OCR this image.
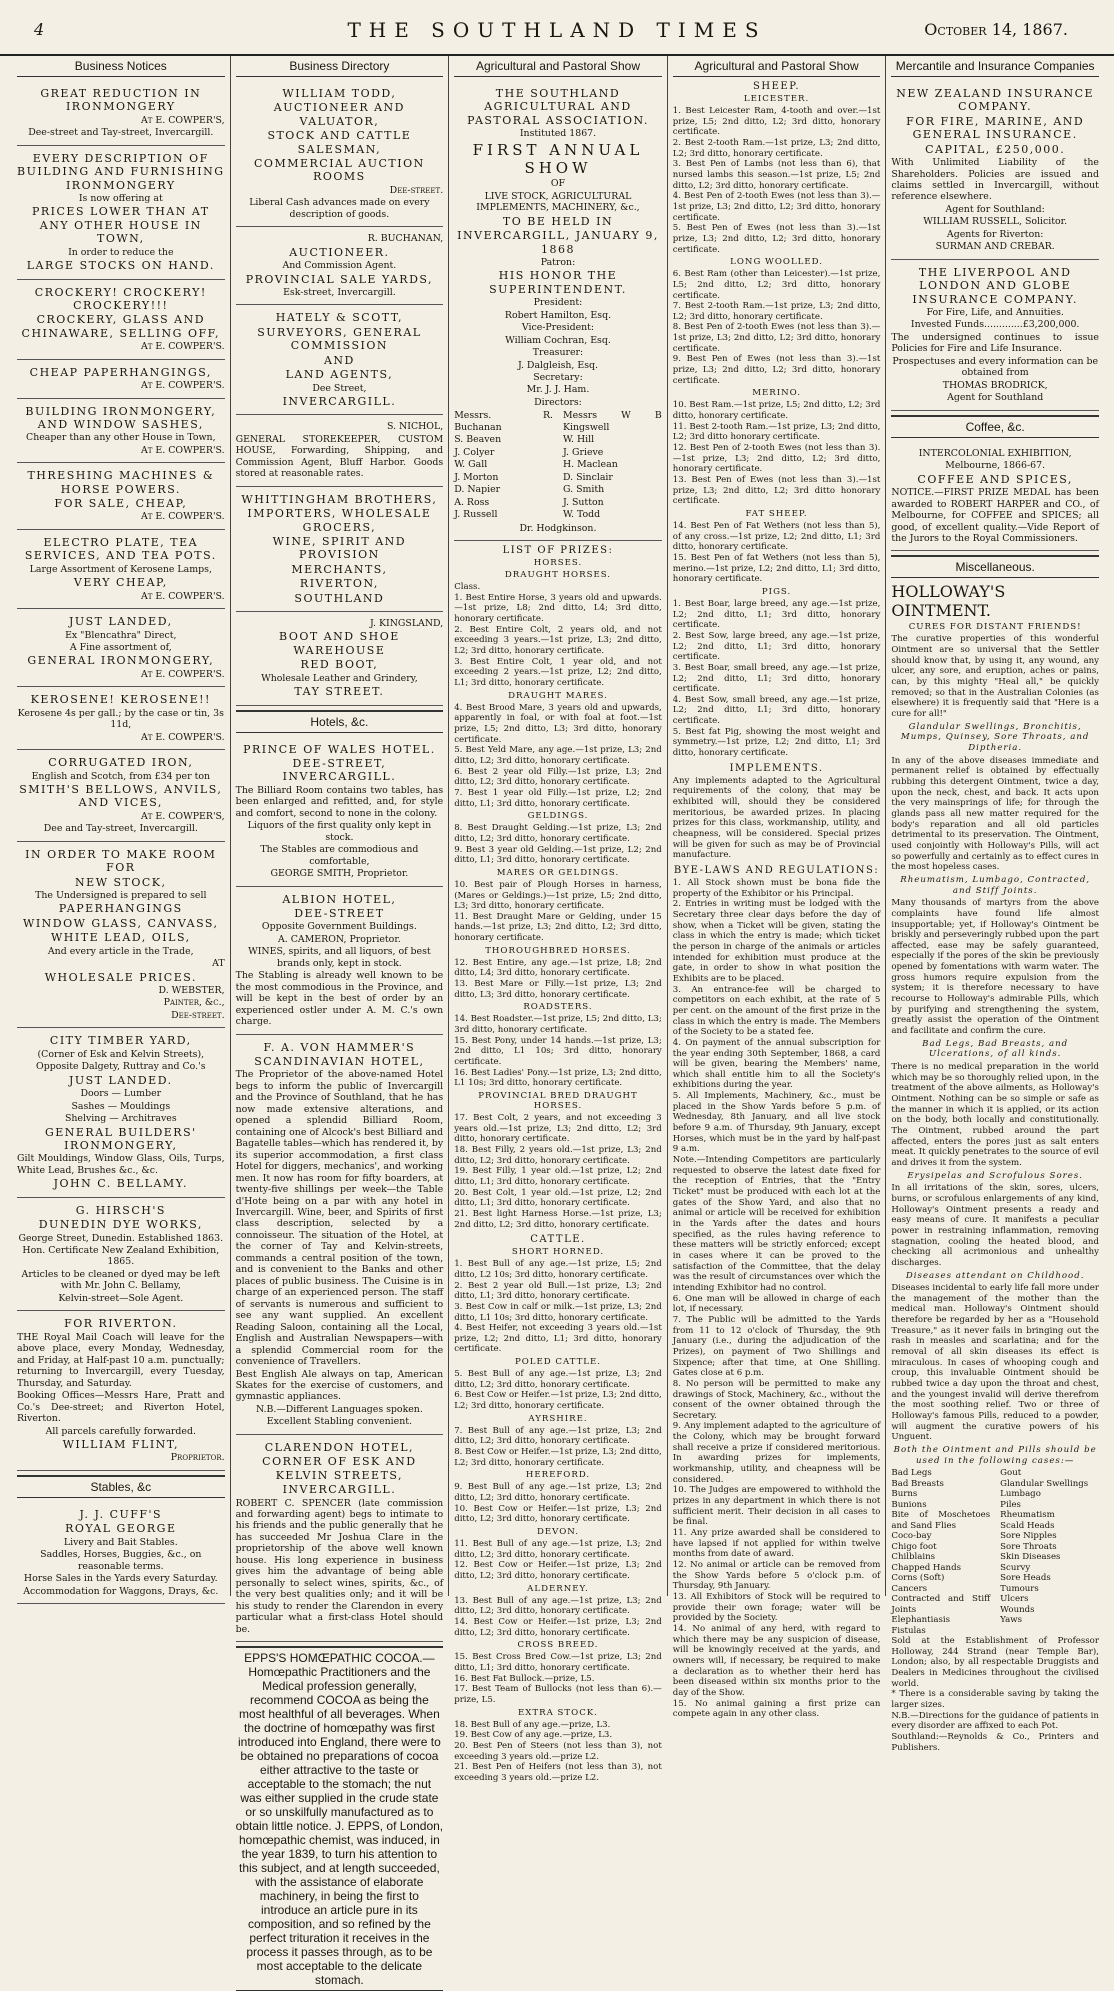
4	THE SOUTHLAND TIMES	October 14, 1867.
Business Notices

GREAT REDUCTION IN IRONMONGERY

At E. COWPER'S,

Dee-street and Tay-street, Invercargill.

EVERY DESCRIPTION OF BUILDING AND FURNISHING IRONMONGERY

Is now offering at

PRICES LOWER THAN AT ANY OTHER HOUSE IN TOWN,

In order to reduce the

LARGE STOCKS ON HAND.

CROCKERY! CROCKERY! CROCKERY!!!

CROCKERY, GLASS AND CHINAWARE, SELLING OFF,

At E. COWPER'S.

CHEAP PAPERHANGINGS,

At E. COWPER'S.

BUILDING IRONMONGERY, AND WINDOW SASHES,

Cheaper than any other House in Town,

At E. COWPER'S.

THRESHING MACHINES & HORSE POWERS.

FOR SALE, CHEAP,

At E. COWPER'S.

ELECTRO PLATE, TEA SERVICES, AND TEA POTS.

Large Assortment of Kerosene Lamps,

VERY CHEAP,

At E. COWPER'S.

JUST LANDED,

Ex "Blencathra" Direct,

A Fine assortment of,

GENERAL IRONMONGERY,

At E. COWPER'S.

KEROSENE! KEROSENE!!

Kerosene 4s per gall.; by the case or tin, 3s 11d,

At E. COWPER'S.

CORRUGATED IRON,

English and Scotch, from £34 per ton

SMITH'S BELLOWS, ANVILS, AND VICES,

At E. COWPER'S,

Dee and Tay-street, Invercargill.

IN ORDER TO MAKE ROOM FOR

NEW STOCK,

The Undersigned is prepared to sell

PAPERHANGINGS

WINDOW GLASS, CANVASS,

WHITE LEAD, OILS,

And every article in the Trade,

AT

WHOLESALE PRICES.

D. WEBSTER,

Painter, &c.,

Dee-street.

CITY TIMBER YARD,

(Corner of Esk and Kelvin Streets),

Opposite Dalgety, Ruttray and Co.'s

JUST LANDED.

Doors — Lumber

Sashes — Mouldings

Shelving — Architraves

GENERAL BUILDERS' IRONMONGERY,

Gilt Mouldings, Window Glass, Oils, Turps, White Lead, Brushes &c., &c.

JOHN C. BELLAMY.

G. HIRSCH'S

DUNEDIN DYE WORKS,

George Street, Dunedin. Established 1863.

Hon. Certificate New Zealand Exhibition, 1865.

Articles to be cleaned or dyed may be left with Mr. John C. Bellamy,

Kelvin-street—Sole Agent.

FOR RIVERTON.

THE Royal Mail Coach will leave for the above place, every Monday, Wednesday, and Friday, at Half-past 10 a.m. punctually; returning to Invercargill, every Tuesday, Thursday, and Saturday.

Booking Offices—Messrs Hare, Pratt and Co.'s Dee-street; and Riverton Hotel, Riverton.

All parcels carefully forwarded.

WILLIAM FLINT,

Proprietor.

Stables, &c

J. J. CUFF'S

ROYAL GEORGE

Livery and Bait Stables.

Saddles, Horses, Buggies, &c., on reasonable terms.

Horse Sales in the Yards every Saturday.

Accommodation for Waggons, Drays, &c.

Business Directory

WILLIAM TODD,

AUCTIONEER AND VALUATOR,

STOCK AND CATTLE SALESMAN,

COMMERCIAL AUCTION ROOMS

Dee-street.

Liberal Cash advances made on every description of goods.

R. BUCHANAN,

AUCTIONEER.

And Commission Agent.

PROVINCIAL SALE YARDS,

Esk-street, Invercargill.

HATELY & SCOTT,

SURVEYORS, GENERAL COMMISSION

AND

LAND AGENTS,

Dee Street,

INVERCARGILL.

S. NICHOL,

GENERAL STOREKEEPER, CUSTOM HOUSE, Forwarding, Shipping, and Commission Agent, Bluff Harbor. Goods stored at reasonable rates.

WHITTINGHAM BROTHERS,

IMPORTERS, WHOLESALE GROCERS,

WINE, SPIRIT AND PROVISION

MERCHANTS,

RIVERTON,

SOUTHLAND

J. KINGSLAND,

BOOT AND SHOE WAREHOUSE

RED BOOT,

Wholesale Leather and Grindery,

TAY STREET.

Hotels, &c.

PRINCE OF WALES HOTEL.

DEE-STREET, INVERCARGILL.

The Billiard Room contains two tables, has been enlarged and refitted, and, for style and comfort, second to none in the colony.

Liquors of the first quality only kept in stock.

The Stables are commodious and comfortable,

GEORGE SMITH, Proprietor.

ALBION HOTEL,

DEE-STREET

Opposite Government Buildings.

A. CAMERON, Proprietor.

WINES, spirits, and all liquors, of best brands only, kept in stock.

The Stabling is already well known to be the most commodious in the Province, and will be kept in the best of order by an experienced ostler under A. M. C.'s own charge.

F. A. VON HAMMER'S

SCANDINAVIAN HOTEL,

The Proprietor of the above-named Hotel begs to inform the public of Invercargill and the Province of Southland, that he has now made extensive alterations, and opened a splendid Billiard Room, containing one of Alcock's best Billiard and Bagatelle tables—which has rendered it, by its superior accommodation, a first class Hotel for diggers, mechanics', and working men. It now has room for fifty boarders, at twenty-five shillings per week—the Table d'Hote being on a par with any hotel in Invercargill. Wine, beer, and Spirits of first class description, selected by a connoisseur. The situation of the Hotel, at the corner of Tay and Kelvin-streets, commands a central position of the town, and is convenient to the Banks and other places of public business. The Cuisine is in charge of an experienced person. The staff of servants is numerous and sufficient to see any want supplied. An excellent Reading Saloon, containing all the Local, English and Australian Newspapers—with a splendid Commercial room for the convenience of Travellers.

Best English Ale always on tap, American Skates for the exercise of customers, and gymnastic appliances.

N.B.—Different Languages spoken.

Excellent Stabling convenient.

CLARENDON HOTEL,

CORNER OF ESK AND KELVIN STREETS,

INVERCARGILL.

ROBERT C. SPENCER (late commission and forwarding agent) begs to intimate to his friends and the public generally that he has succeeded Mr Joshua Clare in the proprietorship of the above well known house. His long experience in business gives him the advantage of being able personally to select wines, spirits, &c., of the very best qualities only; and it will be his study to render the Clarendon in every particular what a first-class Hotel should be.

EPPS'S HOMŒPATHIC COCOA.—Homœpathic Practitioners and the Medical profession generally, recommend COCOA as being the most healthful of all beverages. When the doctrine of homœpathy was first introduced into England, there were to be obtained no preparations of cocoa either attractive to the taste or acceptable to the stomach; the nut was either supplied in the crude state or so unskilfully manufactured as to obtain little notice. J. EPPS, of London, homœpathic chemist, was induced, in the year 1839, to turn his attention to this subject, and at length succeeded, with the assistance of elaborate machinery, in being the first to introduce an article pure in its composition, and so refined by the perfect trituration it receives in the process it passes through, as to be most acceptable to the delicate stomach.
Agricultural and Pastoral Show

THE SOUTHLAND AGRICULTURAL AND PASTORAL ASSOCIATION.

Instituted 1867.

FIRST ANNUAL SHOW

OF

LIVE STOCK, AGRICULTURAL IMPLEMENTS, MACHINERY, &c.,

TO BE HELD IN

INVERCARGILL, JANUARY 9, 1868

Patron:

HIS HONOR THE SUPERINTENDENT.

President:

Robert Hamilton, Esq.

Vice-President:

William Cochran, Esq.

Treasurer:

J. Dalgleish, Esq.

Secretary:

Mr. J. J. Ham.

Directors:

Messrs. R. Buchanan

S. Beaven

J. Colyer

W. Gall

J. Morton

D. Napier

A. Ross

J. Russell

Messrs W B Kingswell

W. Hill

J. Grieve

H. Maclean

D. Sinclair

G. Smith

J. Sutton

W. Todd

Dr. Hodgkinson.

LIST OF PRIZES:
HORSES.
DRAUGHT HORSES.

Class.

1. Best Entire Horse, 3 years old and upwards.—1st prize, L8; 2nd ditto, L4; 3rd ditto, honorary certificate.

2. Best Entire Colt, 2 years old, and not exceeding 3 years.—1st prize, L3; 2nd ditto, L2; 3rd ditto, honorary certificate.

3. Best Entire Colt, 1 year old, and not exceeding 2 years.—1st prize, L2; 2nd ditto, L1; 3rd ditto, honorary certificate.

DRAUGHT MARES.

4. Best Brood Mare, 3 years old and upwards, apparently in foal, or with foal at foot.—1st prize, L5; 2nd ditto, L3; 3rd ditto, honorary certificate.

5. Best Yeld Mare, any age.—1st prize, L3; 2nd ditto, L2; 3rd ditto, honorary certificate.

6. Best 2 year old Filly.—1st prize, L3; 2nd ditto, L2; 3rd ditto, honorary certificate.

7. Best 1 year old Filly.—1st prize, L2; 2nd ditto, L1; 3rd ditto, honorary certificate.

GELDINGS.

8. Best Draught Gelding.—1st prize, L3; 2nd ditto, L2; 3rd ditto, honorary certificate.

9. Best 3 year old Gelding.—1st prize, L2; 2nd ditto, L1; 3rd ditto, honorary certificate.

MARES OR GELDINGS.

10. Best pair of Plough Horses in harness, (Mares or Geldings.)—1st prize, L5; 2nd ditto, L3; 3rd ditto, honorary certificate.

11. Best Draught Mare or Gelding, under 15 hands.—1st prize, L3; 2nd ditto, L2; 3rd ditto, honorary certificate.

THOROUGHBRED HORSES.

12. Best Entire, any age.—1st prize, L8; 2nd ditto, L4; 3rd ditto, honorary certificate.

13. Best Mare or Filly.—1st prize, L3; 2nd ditto, L3; 3rd ditto, honorary certificate.

ROADSTERS.

14. Best Roadster.—1st prize, L5; 2nd ditto, L3; 3rd ditto, honorary certificate.

15. Best Pony, under 14 hands.—1st prize, L3; 2nd ditto, L1 10s; 3rd ditto, honorary certificate.

16. Best Ladies' Pony.—1st prize, L3; 2nd ditto, L1 10s; 3rd ditto, honorary certificate.

PROVINCIAL BRED DRAUGHT HORSES.

17. Best Colt, 2 years, and not exceeding 3 years old.—1st prize, L3; 2nd ditto, L2; 3rd ditto, honorary certificate.

18. Best Filly, 2 years old.—1st prize, L3; 2nd ditto, L2; 3rd ditto, honorary certificate.

19. Best Filly, 1 year old.—1st prize, L2; 2nd ditto, L1; 3rd ditto, honorary certificate.

20. Best Colt, 1 year old.—1st prize, L2; 2nd ditto, L1; 3rd ditto, honorary certificate.

21. Best light Harness Horse.—1st prize, L3; 2nd ditto, L2; 3rd ditto, honorary certificate.

CATTLE.
SHORT HORNED.

1. Best Bull of any age.—1st prize, L5; 2nd ditto, L2 10s; 3rd ditto, honorary certificate.

2. Best 2 year old Bull.—1st prize, L3; 2nd ditto, L1; 3rd ditto, honorary certificate.

3. Best Cow in calf or milk.—1st prize, L3; 2nd ditto, L1 10s; 3rd ditto, honorary certificate.

4. Best Heifer, not exceeding 3 years old.—1st prize, L2; 2nd ditto, L1; 3rd ditto, honorary certificate.

POLED CATTLE.

5. Best Bull of any age.—1st prize, L3; 2nd ditto, L2; 3rd ditto, honorary certificate.

6. Best Cow or Heifer.—1st prize, L3; 2nd ditto, L2; 3rd ditto, honorary certificate.

AYRSHIRE.

7. Best Bull of any age.—1st prize, L3; 2nd ditto, L2; 3rd ditto, honorary certificate.

8. Best Cow or Heifer.—1st prize, L3; 2nd ditto, L2; 3rd ditto, honorary certificate.

HEREFORD.

9. Best Bull of any age.—1st prize, L3; 2nd ditto, L2; 3rd ditto, honorary certificate.

10. Best Cow or Heifer.—1st prize, L3; 2nd ditto, L2; 3rd ditto, honorary certificate.

DEVON.

11. Best Bull of any age.—1st prize, L3; 2nd ditto, L2; 3rd ditto, honorary certificate.

12. Best Cow or Heifer.—1st prize, L3; 2nd ditto, L2; 3rd ditto, honorary certificate.

ALDERNEY.

13. Best Bull of any age.—1st prize, L3; 2nd ditto, L2; 3rd ditto, honorary certificate.

14. Best Cow or Heifer.—1st prize, L3; 2nd ditto, L2; 3rd ditto, honorary certificate.

CROSS BREED.

15. Best Cross Bred Cow.—1st prize, L3; 2nd ditto, L1; 3rd ditto, honorary certificate.

16. Best Fat Bullock.—prize, L5.

17. Best Team of Bullocks (not less than 6).—prize, L5.

EXTRA STOCK.

18. Best Bull of any age.—prize, L3.

19. Best Cow of any age.—prize, L3.

20. Best Pen of Steers (not less than 3), not exceeding 3 years old.—prize L2.

21. Best Pen of Heifers (not less than 3), not exceeding 3 years old.—prize L2.

Agricultural and Pastoral Show
SHEEP.
LEICESTER.

1. Best Leicester Ram, 4-tooth and over.—1st prize, L5; 2nd ditto, L2; 3rd ditto, honorary certificate.

2. Best 2-tooth Ram.—1st prize, L3; 2nd ditto, L2; 3rd ditto, honorary certificate.

3. Best Pen of Lambs (not less than 6), that nursed lambs this season.—1st prize, L5; 2nd ditto, L2; 3rd ditto, honorary certificate.

4. Best Pen of 2-tooth Ewes (not less than 3).—1st prize, L3; 2nd ditto, L2; 3rd ditto, honorary certificate.

5. Best Pen of Ewes (not less than 3).—1st prize, L3; 2nd ditto, L2; 3rd ditto, honorary certificate.

LONG WOOLLED.

6. Best Ram (other than Leicester).—1st prize, L5; 2nd ditto, L2; 3rd ditto, honorary certificate.

7. Best 2-tooth Ram.—1st prize, L3; 2nd ditto, L2; 3rd ditto, honorary certificate.

8. Best Pen of 2-tooth Ewes (not less than 3).—1st prize, L3; 2nd ditto, L2; 3rd ditto, honorary certificate.

9. Best Pen of Ewes (not less than 3).—1st prize, L3; 2nd ditto, L2; 3rd ditto, honorary certificate.

MERINO.

10. Best Ram.—1st prize, L5; 2nd ditto, L2; 3rd ditto, honorary certificate.

11. Best 2-tooth Ram.—1st prize, L3; 2nd ditto, L2; 3rd ditto honorary certificate.

12. Best Pen of 2-tooth Ewes (not less than 3).—1st prize, L3; 2nd ditto, L2; 3rd ditto, honorary certificate.

13. Best Pen of Ewes (not less than 3).—1st prize, L3; 2nd ditto, L2; 3rd ditto honorary certificate.

FAT SHEEP.

14. Best Pen of Fat Wethers (not less than 5), of any cross.—1st prize, L2; 2nd ditto, L1; 3rd ditto, honorary certificate.

15. Best Pen of fat Wethers (not less than 5), merino.—1st prize, L2; 2nd ditto, L1; 3rd ditto, honorary certificate.

PIGS.

1. Best Boar, large breed, any age.—1st prize, L2; 2nd ditto, L1; 3rd ditto, honorary certificate.

2. Best Sow, large breed, any age.—1st prize, L2; 2nd ditto, L1; 3rd ditto, honorary certificate.

3. Best Boar, small breed, any age.—1st prize, L2; 2nd ditto, L1; 3rd ditto, honorary certificate.

4. Best Sow, small breed, any age.—1st prize, L2; 2nd ditto, L1; 3rd ditto, honorary certificate.

5. Best fat Pig, showing the most weight and symmetry.—1st prize, L2; 2nd ditto, L1; 3rd ditto, honorary certificate.

IMPLEMENTS.

Any implements adapted to the Agricultural requirements of the colony, that may be exhibited will, should they be considered meritorious, be awarded prizes. In placing prizes for this class, workmanship, utility, and cheapness, will be considered. Special prizes will be given for such as may be of Provincial manufacture.

BYE-LAWS AND REGULATIONS:

1. All Stock shown must be bona fide the property of the Exhibitor or his Principal.

2. Entries in writing must be lodged with the Secretary three clear days before the day of show, when a Ticket will be given, stating the class in which the entry is made; which ticket the person in charge of the animals or articles intended for exhibition must produce at the gate, in order to show in what position the Exhibits are to be placed.

3. An entrance-fee will be charged to competitors on each exhibit, at the rate of 5 per cent. on the amount of the first prize in the class in which the entry is made. The Members of the Society to be a stated fee.

4. On payment of the annual subscription for the year ending 30th September, 1868, a card will be given, bearing the Members' name, which shall entitle him to all the Society's exhibitions during the year.

5. All Implements, Machinery, &c., must be placed in the Show Yards before 5 p.m. of Wednesday, 8th January, and all live stock before 9 a.m. of Thursday, 9th January, except Horses, which must be in the yard by half-past 9 a.m.

Note.—Intending Competitors are particularly requested to observe the latest date fixed for the reception of Entries, that the "Entry Ticket" must be produced with each lot at the gates of the Show Yard, and also that no animal or article will be received for exhibition in the Yards after the dates and hours specified, as the rules having reference to these matters will be strictly enforced; except in cases where it can be proved to the satisfaction of the Committee, that the delay was the result of circumstances over which the intending Exhibitor had no control.

6. One man will be allowed in charge of each lot, if necessary.

7. The Public will be admitted to the Yards from 11 to 12 o'clock of Thursday, the 9th January (i.e., during the adjudication of the Prizes), on payment of Two Shillings and Sixpence; after that time, at One Shilling. Gates close at 6 p.m.

8. No person will be permitted to make any drawings of Stock, Machinery, &c., without the consent of the owner obtained through the Secretary.

9. Any implement adapted to the agriculture of the Colony, which may be brought forward shall receive a prize if considered meritorious. In awarding prizes for implements, workmanship, utility, and cheapness will be considered.

10. The Judges are empowered to withhold the prizes in any department in which there is not sufficient merit. Their decision in all cases to be final.

11. Any prize awarded shall be considered to have lapsed if not applied for within twelve months from date of award.

12. No animal or article can be removed from the Show Yards before 5 o'clock p.m. of Thursday, 9th January.

13. All Exhibitors of Stock will be required to provide their own forage; water will be provided by the Society.

14. No animal of any herd, with regard to which there may be any suspicion of disease, will be knowingly received at the yards, and owners will, if necessary, be required to make a declaration as to whether their herd has been diseased within six months prior to the day of the Show.

15. No animal gaining a first prize can compete again in any other class.

Mercantile and Insurance Companies

NEW ZEALAND INSURANCE COMPANY.

FOR FIRE, MARINE, AND GENERAL INSURANCE.

CAPITAL, £250,000.

With Unlimited Liability of the Shareholders. Policies are issued and claims settled in Invercargill, without reference elsewhere.

Agent for Southland:

WILLIAM RUSSELL, Solicitor.

Agents for Riverton:

SURMAN AND CREBAR.

THE LIVERPOOL AND LONDON AND GLOBE INSURANCE COMPANY.

For Fire, Life, and Annuities.

Invested Funds.............£3,200,000.

The undersigned continues to issue Policies for Fire and Life Insurance.

Prospectuses and every information can be obtained from

THOMAS BRODRICK,

Agent for Southland

Coffee, &c.

INTERCOLONIAL EXHIBITION,

Melbourne, 1866-67.

COFFEE AND SPICES,

NOTICE.—FIRST PRIZE MEDAL has been awarded to ROBERT HARPER and CO., of Melbourne, for COFFEE and SPICES; all good, of excellent quality.—Vide Report of the Jurors to the Royal Commissioners.

Miscellaneous.
HOLLOWAY'S OINTMENT.
CURES FOR DISTANT FRIENDS!

The curative properties of this wonderful Ointment are so universal that the Settler should know that, by using it, any wound, any ulcer, any sore, and eruption, aches or pains, can, by this mighty "Heal all," be quickly removed; so that in the Australian Colonies (as elsewhere) it is frequently said that "Here is a cure for all!"

Glandular Swellings, Bronchitis, Mumps, Quinsey, Sore Throats, and Diptheria.

In any of the above diseases immediate and permanent relief is obtained by effectually rubbing this detergent Ointment, twice a day, upon the neck, chest, and back. It acts upon the very mainsprings of life; for through the glands pass all new matter required for the body's reparation and all old particles detrimental to its preservation. The Ointment, used conjointly with Holloway's Pills, will act so powerfully and certainly as to effect cures in the most hopeless cases.

Rheumatism, Lumbago, Contracted, and Stiff Joints.

Many thousands of martyrs from the above complaints have found life almost insupportable; yet, if Holloway's Ointment be briskly and perseveringly rubbed upon the part affected, ease may be safely guaranteed, especially if the pores of the skin be previously opened by fomentations with warm water. The gross humors require expulsion from the system; it is therefore necessary to have recourse to Holloway's admirable Pills, which by purifying and strengthening the system, greatly assist the operation of the Ointment and facilitate and confirm the cure.

Bad Legs, Bad Breasts, and Ulcerations, of all kinds.

There is no medical preparation in the world which may be so thoroughly relied upon, in the treatment of the above ailments, as Holloway's Ointment. Nothing can be so simple or safe as the manner in which it is applied, or its action on the body, both locally and constitutionally. The Ointment, rubbed around the part affected, enters the pores just as salt enters meat. It quickly penetrates to the source of evil and drives it from the system.

Erysipelas and Scrofulous Sores.

In all irritations of the skin, sores, ulcers, burns, or scrofulous enlargements of any kind, Holloway's Ointment presents a ready and easy means of cure. It manifests a peculiar power in restraining inflammation, removing stagnation, cooling the heated blood, and checking all acrimonious and unhealthy discharges.

Diseases attendant on Childhood.

Diseases incidental to early life fall more under the management of the mother than the medical man. Holloway's Ointment should therefore be regarded by her as a "Household Treasure," as it never fails in bringing out the rash in measles and scarlatina; and for the removal of all skin diseases its effect is miraculous. In cases of whooping cough and croup, this invaluable Ointment should be rubbed twice a day upon the throat and chest, and the youngest invalid will derive therefrom the most soothing relief. Two or three of Holloway's famous Pills, reduced to a powder, will augment the curative powers of his Unguent.

Both the Ointment and Pills should be used in the following cases:—

Bad Legs

Bad Breasts

Burns

Bunions

Bite of Moschetoes and Sand Flies

Coco-bay

Chigo foot

Chilblains

Chapped Hands

Corns (Soft)

Cancers

Contracted and Stiff Joints

Elephantiasis

Fistulas

Gout

Glandular Swellings

Lumbago

Piles

Rheumatism

Scald Heads

Sore Nipples

Sore Throats

Skin Diseases

Scurvy

Sore Heads

Tumours

Ulcers

Wounds

Yaws

Sold at the Establishment of Professor Holloway, 244 Strand (near Temple Bar), London; also, by all respectable Druggists and Dealers in Medicines throughout the civilised world.

* There is a considerable saving by taking the larger sizes.

N.B.—Directions for the guidance of patients in every disorder are affixed to each Pot.

Southland:—Reynolds & Co., Printers and Publishers.
